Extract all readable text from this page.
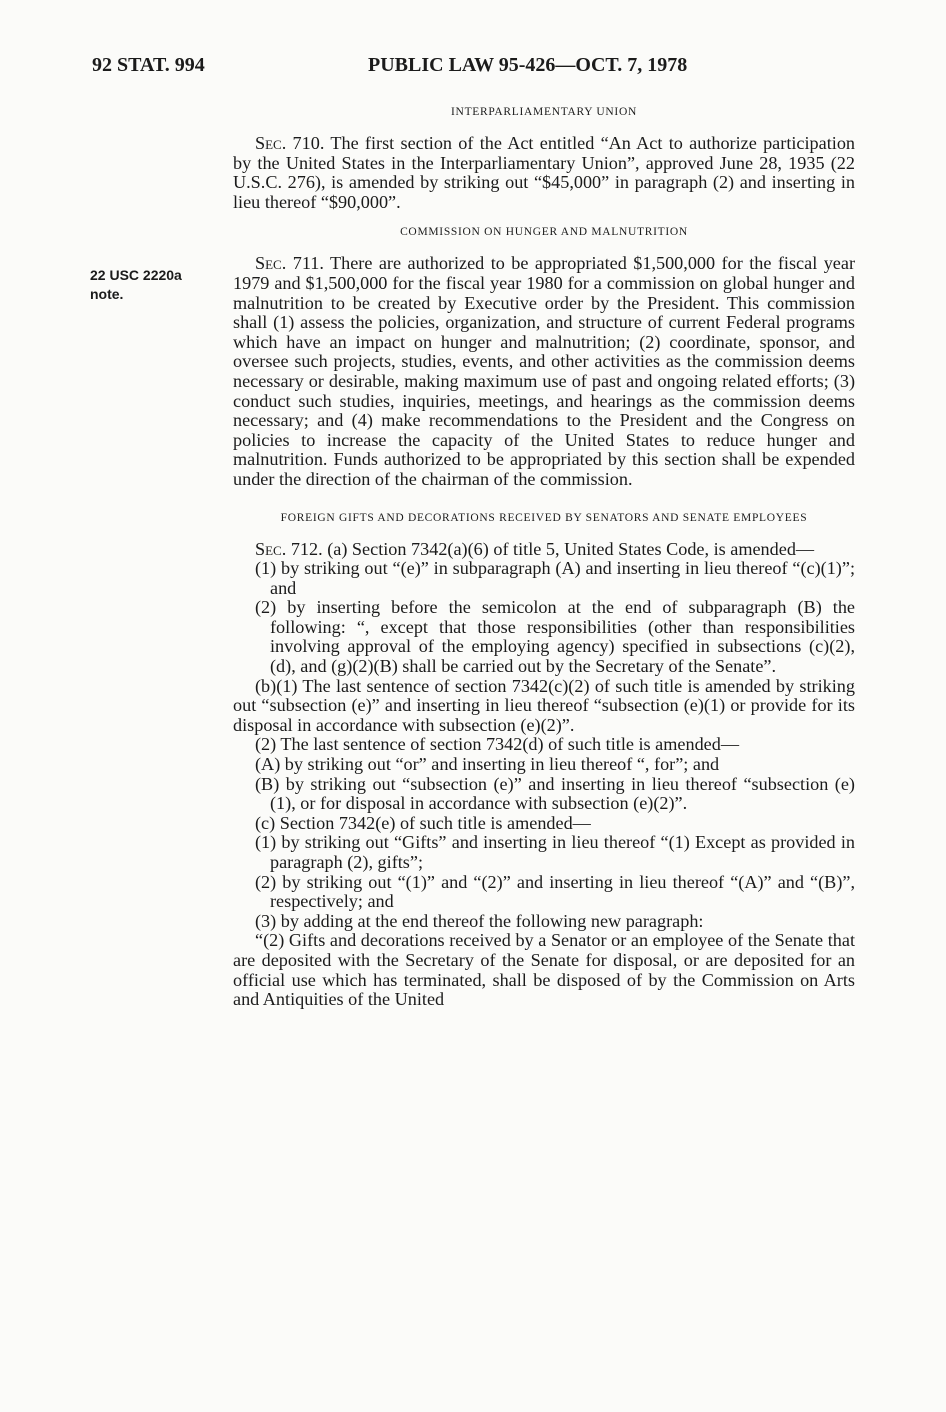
92 STAT. 994	PUBLIC LAW 95-426—OCT. 7, 1978
22 USC 2220a
note.
INTERPARLIAMENTARY UNION

Sec. 710. The first section of the Act entitled “An Act to authorize participation by the United States in the Interparliamentary Union”, approved June 28, 1935 (22 U.S.C. 276), is amended by striking out “$45,000” in paragraph (2) and inserting in lieu thereof “$90,000”.

COMMISSION ON HUNGER AND MALNUTRITION

Sec. 711. There are authorized to be appropriated $1,500,000 for the fiscal year 1979 and $1,500,000 for the fiscal year 1980 for a commission on global hunger and malnutrition to be created by Executive order by the President. This commission shall (1) assess the policies, organization, and structure of current Federal programs which have an impact on hunger and malnutrition; (2) coordinate, sponsor, and oversee such projects, studies, events, and other activities as the commission deems necessary or desirable, making maximum use of past and ongoing related efforts; (3) conduct such studies, inquiries, meetings, and hearings as the commission deems necessary; and (4) make recommendations to the President and the Congress on policies to increase the capacity of the United States to reduce hunger and malnutrition. Funds authorized to be appropriated by this section shall be expended under the direction of the chairman of the commission.

FOREIGN GIFTS AND DECORATIONS RECEIVED BY SENATORS AND SENATE EMPLOYEES

Sec. 712. (a) Section 7342(a)(6) of title 5, United States Code, is amended—

(1) by striking out “(e)” in subparagraph (A) and inserting in lieu thereof “(c)(1)”; and

(2) by inserting before the semicolon at the end of subparagraph (B) the following: “, except that those responsibilities (other than responsibilities involving approval of the employing agency) specified in subsections (c)(2), (d), and (g)(2)(B) shall be carried out by the Secretary of the Senate”.

(b)(1) The last sentence of section 7342(c)(2) of such title is amended by striking out “subsection (e)” and inserting in lieu thereof “subsection (e)(1) or provide for its disposal in accordance with subsection (e)(2)”.

(2) The last sentence of section 7342(d) of such title is amended—

(A) by striking out “or” and inserting in lieu thereof “, for”; and

(B) by striking out “subsection (e)” and inserting in lieu thereof “subsection (e)(1), or for disposal in accordance with subsection (e)(2)”.

(c) Section 7342(e) of such title is amended—

(1) by striking out “Gifts” and inserting in lieu thereof “(1) Except as provided in paragraph (2), gifts”;

(2) by striking out “(1)” and “(2)” and inserting in lieu thereof “(A)” and “(B)”, respectively; and

(3) by adding at the end thereof the following new paragraph:

“(2) Gifts and decorations received by a Senator or an employee of the Senate that are deposited with the Secretary of the Senate for disposal, or are deposited for an official use which has terminated, shall be disposed of by the Commission on Arts and Antiquities of the United
